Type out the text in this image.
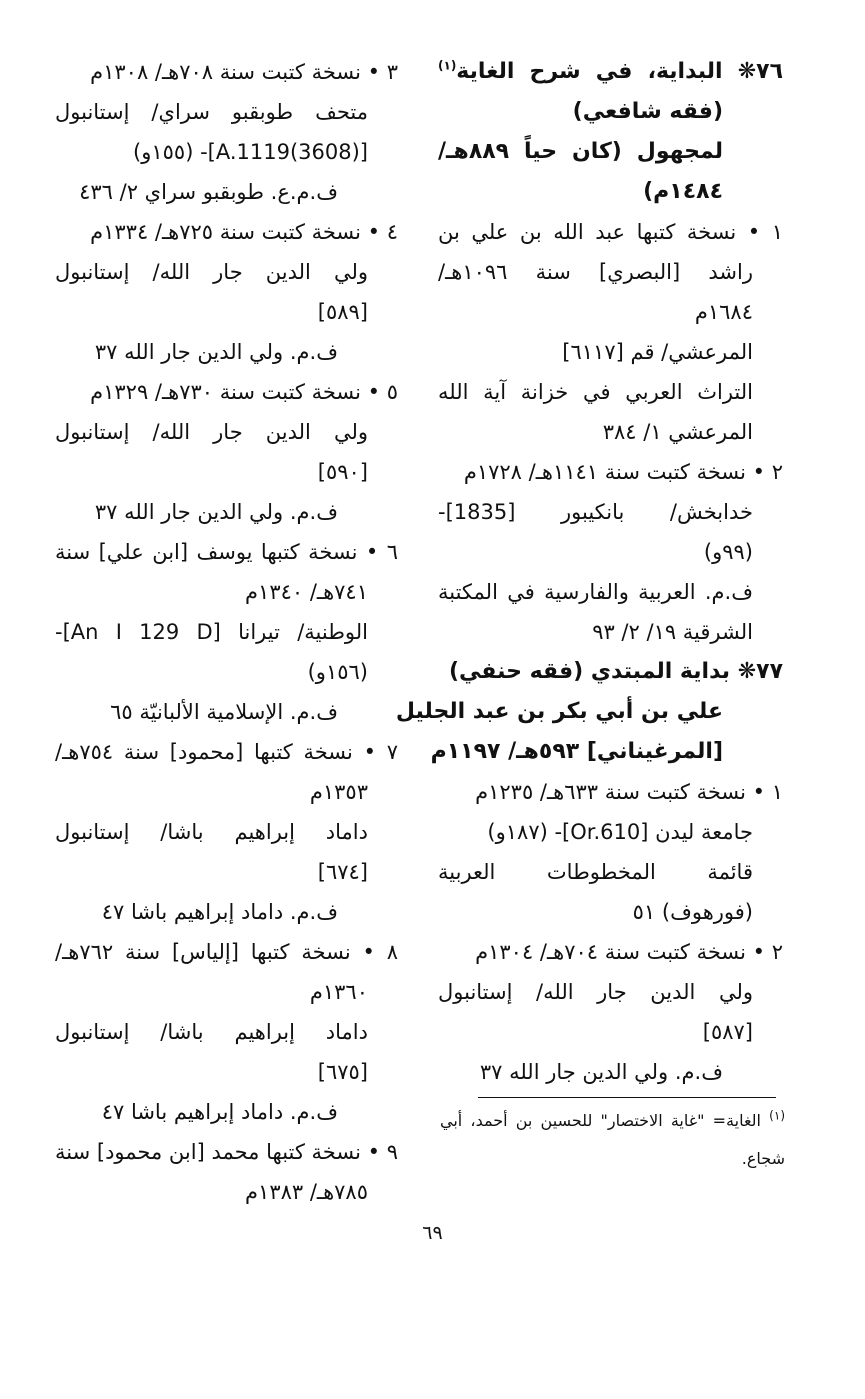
٧٦❋ البداية، في شرح الغاية$^{(١)}$
(فقه شافعي)
لمجهول (كان حياً ٨٨٩هـ/
١٤٨٤م)
١ • نسخة كتبها عبد الله بن علي بن
راشد [البصري] سنة ١٠٩٦هـ/
١٦٨٤م
المرعشي/ قم [٦١١٧]
التراث العربي في خزانة آية الله
المرعشي ١/ ٣٨٤
٢ • نسخة كتبت سنة ١١٤١هـ/ ١٧٢٨م
خدابخش/ بانكيبور [1835]-
(٩٩و)
ف.م. العربية والفارسية في المكتبة
الشرقية ١٩/ ٢/ ٩٣
٧٧❋ بداية المبتدي (فقه حنفي)
علي بن أبي بكر بن عبد الجليل
[المرغيناني] ٥٩٣هـ/ ١١٩٧م
١ • نسخة كتبت سنة ٦٣٣هـ/ ١٢٣٥م
جامعة ليدن [Or.610]- (١٨٧و)
قائمة المخطوطات العربية
(فورهوف) ٥١
٢ • نسخة كتبت سنة ٧٠٤هـ/ ١٣٠٤م
ولي الدين جار الله/ إستانبول
[٥٨٧]
ف.م. ولي الدين جار الله ٣٧
٣ • نسخة كتبت سنة ٧٠٨هـ/ ١٣٠٨م
متحف طوبقبو سراي/ إستانبول
[A.1119(3608)]- (١٥٥و)
ف.م.ع. طوبقبو سراي ٢/ ٤٣٦
٤ • نسخة كتبت سنة ٧٢٥هـ/ ١٣٣٤م
ولي الدين جار الله/ إستانبول
[٥٨٩]
ف.م. ولي الدين جار الله ٣٧
٥ • نسخة كتبت سنة ٧٣٠هـ/ ١٣٢٩م
ولي الدين جار الله/ إستانبول
[٥٩٠]
ف.م. ولي الدين جار الله ٣٧
٦ • نسخة كتبها يوسف [ابن علي] سنة
٧٤١هـ/ ١٣٤٠م
الوطنية/ تيرانا [An I 129 D]-
(١٥٦و)
ف.م. الإسلامية الألبانيّة ٦٥
٧ • نسخة كتبها [محمود] سنة ٧٥٤هـ/
١٣٥٣م
داماد إبراهيم باشا/ إستانبول
[٦٧٤]
ف.م. داماد إبراهيم باشا ٤٧
٨ • نسخة كتبها [إلياس] سنة ٧٦٢هـ/
١٣٦٠م
داماد إبراهيم باشا/ إستانبول
[٦٧٥]
ف.م. داماد إبراهيم باشا ٤٧
٩ • نسخة كتبها محمد [ابن محمود] سنة
٧٨٥هـ/ ١٣٨٣م
$^{(١)}$ الغاية= "غاية الاختصار" للحسين بن أحمد، أبي
شجاع.
٦٩
